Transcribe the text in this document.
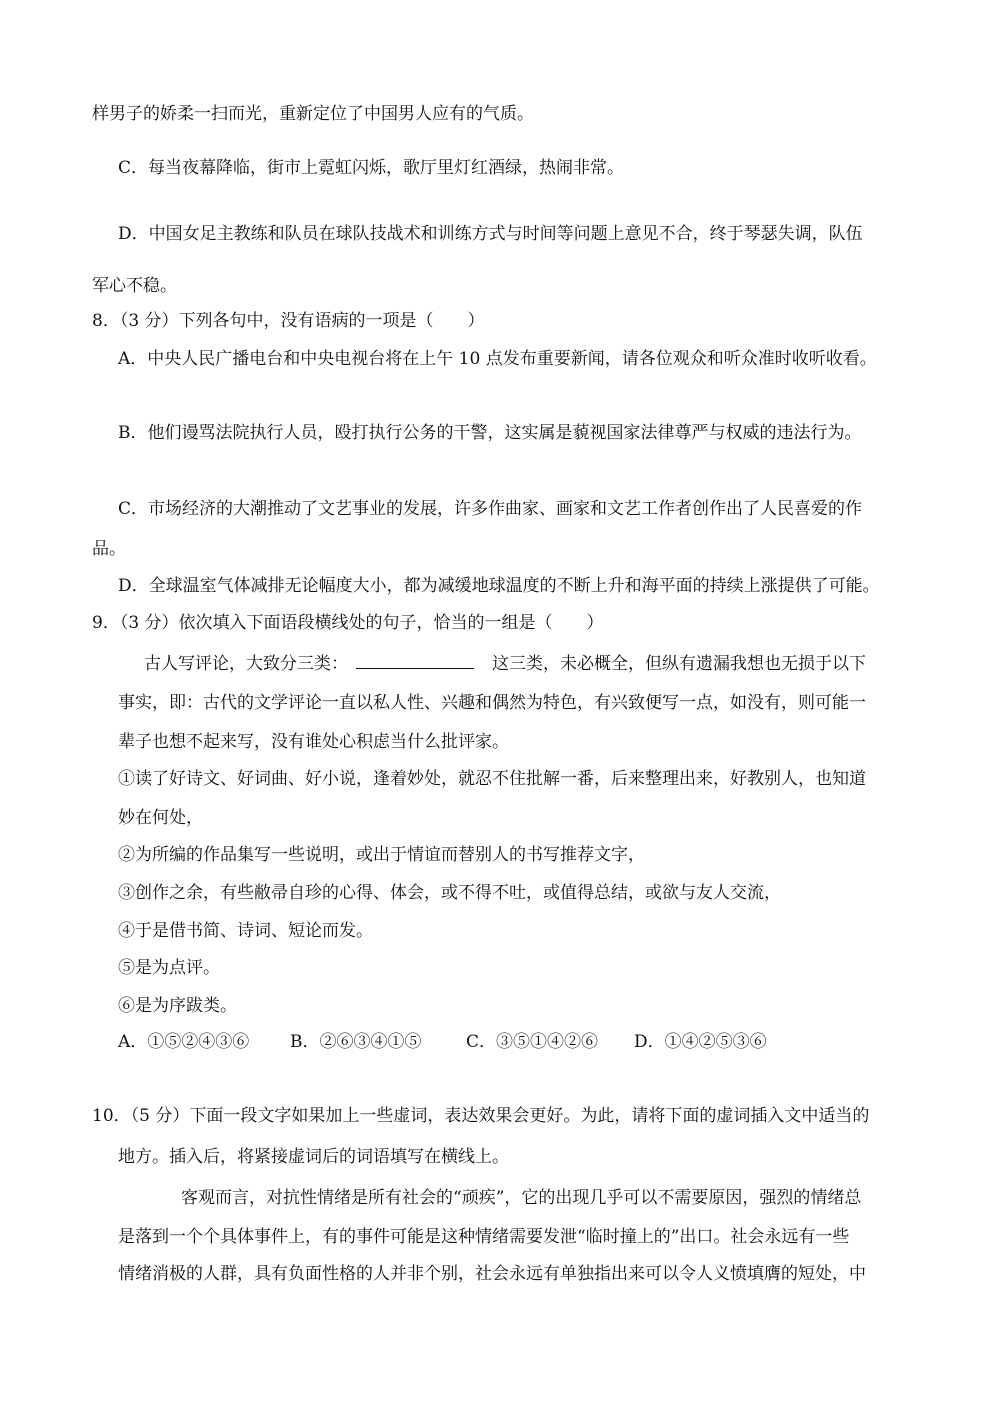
样男子的娇柔一扫而光，重新定位了中国男人应有的气质。
C．每当夜幕降临，街市上霓虹闪烁，歌厅里灯红酒绿，热闹非常。
D．中国女足主教练和队员在球队技战术和训练方式与时间等问题上意见不合，终于琴瑟失调，队伍
军心不稳。
8．（3 分）下列各句中，没有语病的一项是（　　）
A．中央人民广播电台和中央电视台将在上午 10 点发布重要新闻，请各位观众和听众准时收听收看。
B．他们谩骂法院执行人员，殴打执行公务的干警，这实属是藐视国家法律尊严与权威的违法行为。
C．市场经济的大潮推动了文艺事业的发展，许多作曲家、画家和文艺工作者创作出了人民喜爱的作
品。
D．全球温室气体减排无论幅度大小，都为减缓地球温度的不断上升和海平面的持续上涨提供了可能。
9．（3 分）依次填入下面语段横线处的句子，恰当的一组是（　　）
古人写评论，大致分三类：	这三类，未必概全，但纵有遗漏我想也无损于以下
事实，即：古代的文学评论一直以私人性、兴趣和偶然为特色，有兴致便写一点，如没有，则可能一
辈子也想不起来写，没有谁处心积虑当什么批评家。
①读了好诗文、好词曲、好小说，逢着妙处，就忍不住批解一番，后来整理出来，好教别人，也知道
妙在何处，
②为所编的作品集写一些说明，或出于情谊而替别人的书写推荐文字，
③创作之余，有些敝帚自珍的心得、体会，或不得不吐，或值得总结，或欲与友人交流，
④于是借书简、诗词、短论而发。
⑤是为点评。
⑥是为序跋类。
A．①⑤②④③⑥ B．②⑥③④①⑤	C．③⑤①④②⑥ D．①④②⑤③⑥
10．（5 分）下面一段文字如果加上一些虚词，表达效果会更好。为此，请将下面的虚词插入文中适当的
地方。插入后，将紧接虚词后的词语填写在横线上。
客观而言，对抗性情绪是所有社会的“顽疾”，它的出现几乎可以不需要原因，强烈的情绪总
是落到一个个具体事件上，有的事件可能是这种情绪需要发泄“临时撞上的”出口。社会永远有一些
情绪消极的人群，具有负面性格的人并非个别，社会永远有单独指出来可以令人义愤填膺的短处，中
